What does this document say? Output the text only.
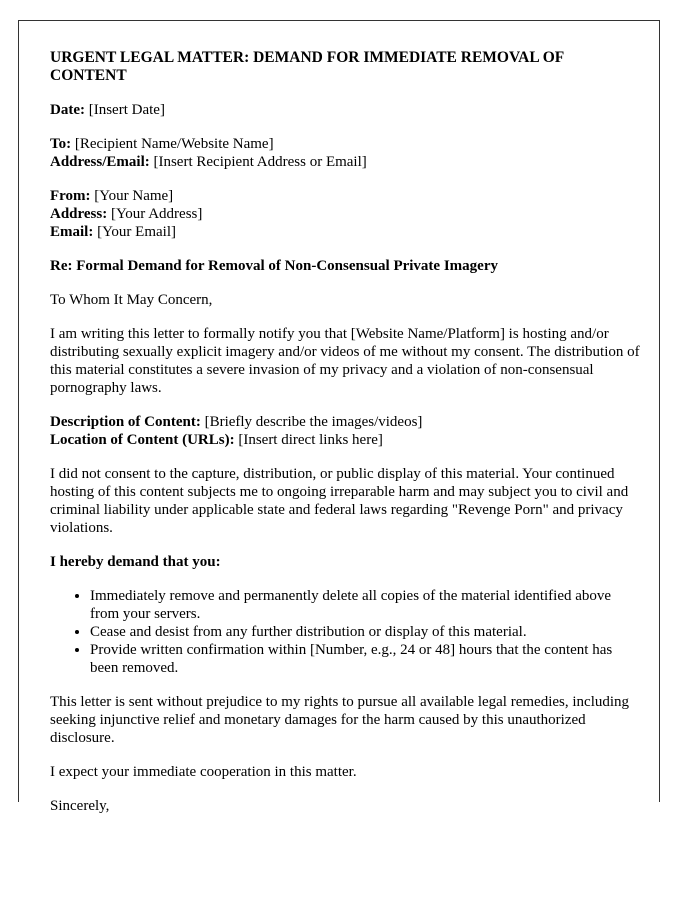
URGENT LEGAL MATTER: DEMAND FOR IMMEDIATE REMOVAL OF CONTENT

Date: [Insert Date]

To: [Recipient Name/Website Name]
Address/Email: [Insert Recipient Address or Email]

From: [Your Name]
Address: [Your Address]
Email: [Your Email]

Re: Formal Demand for Removal of Non-Consensual Private Imagery

To Whom It May Concern,

I am writing this letter to formally notify you that [Website Name/Platform] is hosting and/or distributing sexually explicit imagery and/or videos of me without my consent. The distribution of this material constitutes a severe invasion of my privacy and a violation of non-consensual pornography laws.

Description of Content: [Briefly describe the images/videos]
Location of Content (URLs): [Insert direct links here]

I did not consent to the capture, distribution, or public display of this material. Your continued hosting of this content subjects me to ongoing irreparable harm and may subject you to civil and criminal liability under applicable state and federal laws regarding "Revenge Porn" and privacy violations.

I hereby demand that you:

• Immediately remove and permanently delete all copies of the material identified above from your servers.
• Cease and desist from any further distribution or display of this material.
• Provide written confirmation within [Number, e.g., 24 or 48] hours that the content has been removed.

This letter is sent without prejudice to my rights to pursue all available legal remedies, including seeking injunctive relief and monetary damages for the harm caused by this unauthorized disclosure.

I expect your immediate cooperation in this matter.

Sincerely,
